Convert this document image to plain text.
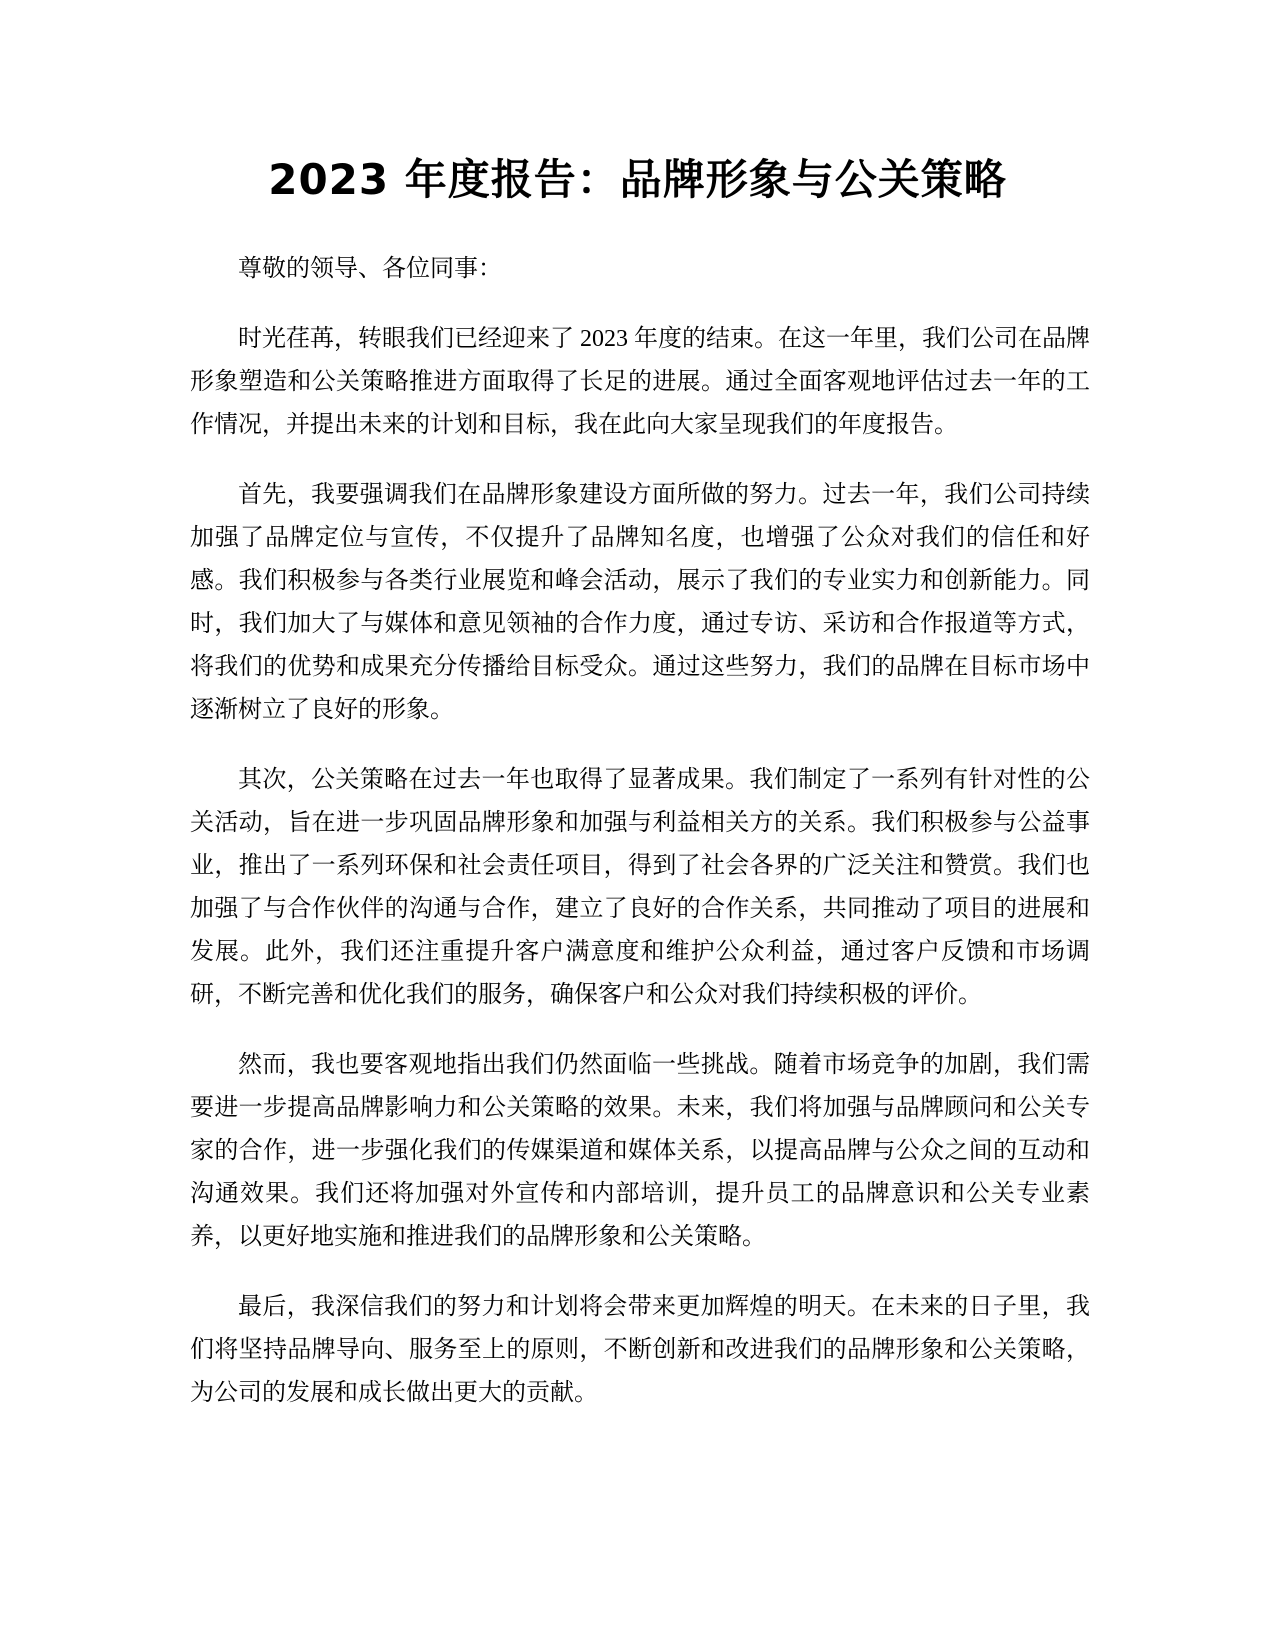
2023 年度报告：品牌形象与公关策略

尊敬的领导、各位同事：

时光荏苒，转眼我们已经迎来了 2023 年度的结束。在这一年里，我们公司在品牌形象塑造和公关策略推进方面取得了长足的进展。通过全面客观地评估过去一年的工作情况，并提出未来的计划和目标，我在此向大家呈现我们的年度报告。

首先，我要强调我们在品牌形象建设方面所做的努力。过去一年，我们公司持续加强了品牌定位与宣传，不仅提升了品牌知名度，也增强了公众对我们的信任和好感。我们积极参与各类行业展览和峰会活动，展示了我们的专业实力和创新能力。同时，我们加大了与媒体和意见领袖的合作力度，通过专访、采访和合作报道等方式，将我们的优势和成果充分传播给目标受众。通过这些努力，我们的品牌在目标市场中逐渐树立了良好的形象。

其次，公关策略在过去一年也取得了显著成果。我们制定了一系列有针对性的公关活动，旨在进一步巩固品牌形象和加强与利益相关方的关系。我们积极参与公益事业，推出了一系列环保和社会责任项目，得到了社会各界的广泛关注和赞赏。我们也加强了与合作伙伴的沟通与合作，建立了良好的合作关系，共同推动了项目的进展和发展。此外，我们还注重提升客户满意度和维护公众利益，通过客户反馈和市场调研，不断完善和优化我们的服务，确保客户和公众对我们持续积极的评价。

然而，我也要客观地指出我们仍然面临一些挑战。随着市场竞争的加剧，我们需要进一步提高品牌影响力和公关策略的效果。未来，我们将加强与品牌顾问和公关专家的合作，进一步强化我们的传媒渠道和媒体关系，以提高品牌与公众之间的互动和沟通效果。我们还将加强对外宣传和内部培训，提升员工的品牌意识和公关专业素养，以更好地实施和推进我们的品牌形象和公关策略。

最后，我深信我们的努力和计划将会带来更加辉煌的明天。在未来的日子里，我们将坚持品牌导向、服务至上的原则，不断创新和改进我们的品牌形象和公关策略，为公司的发展和成长做出更大的贡献。
